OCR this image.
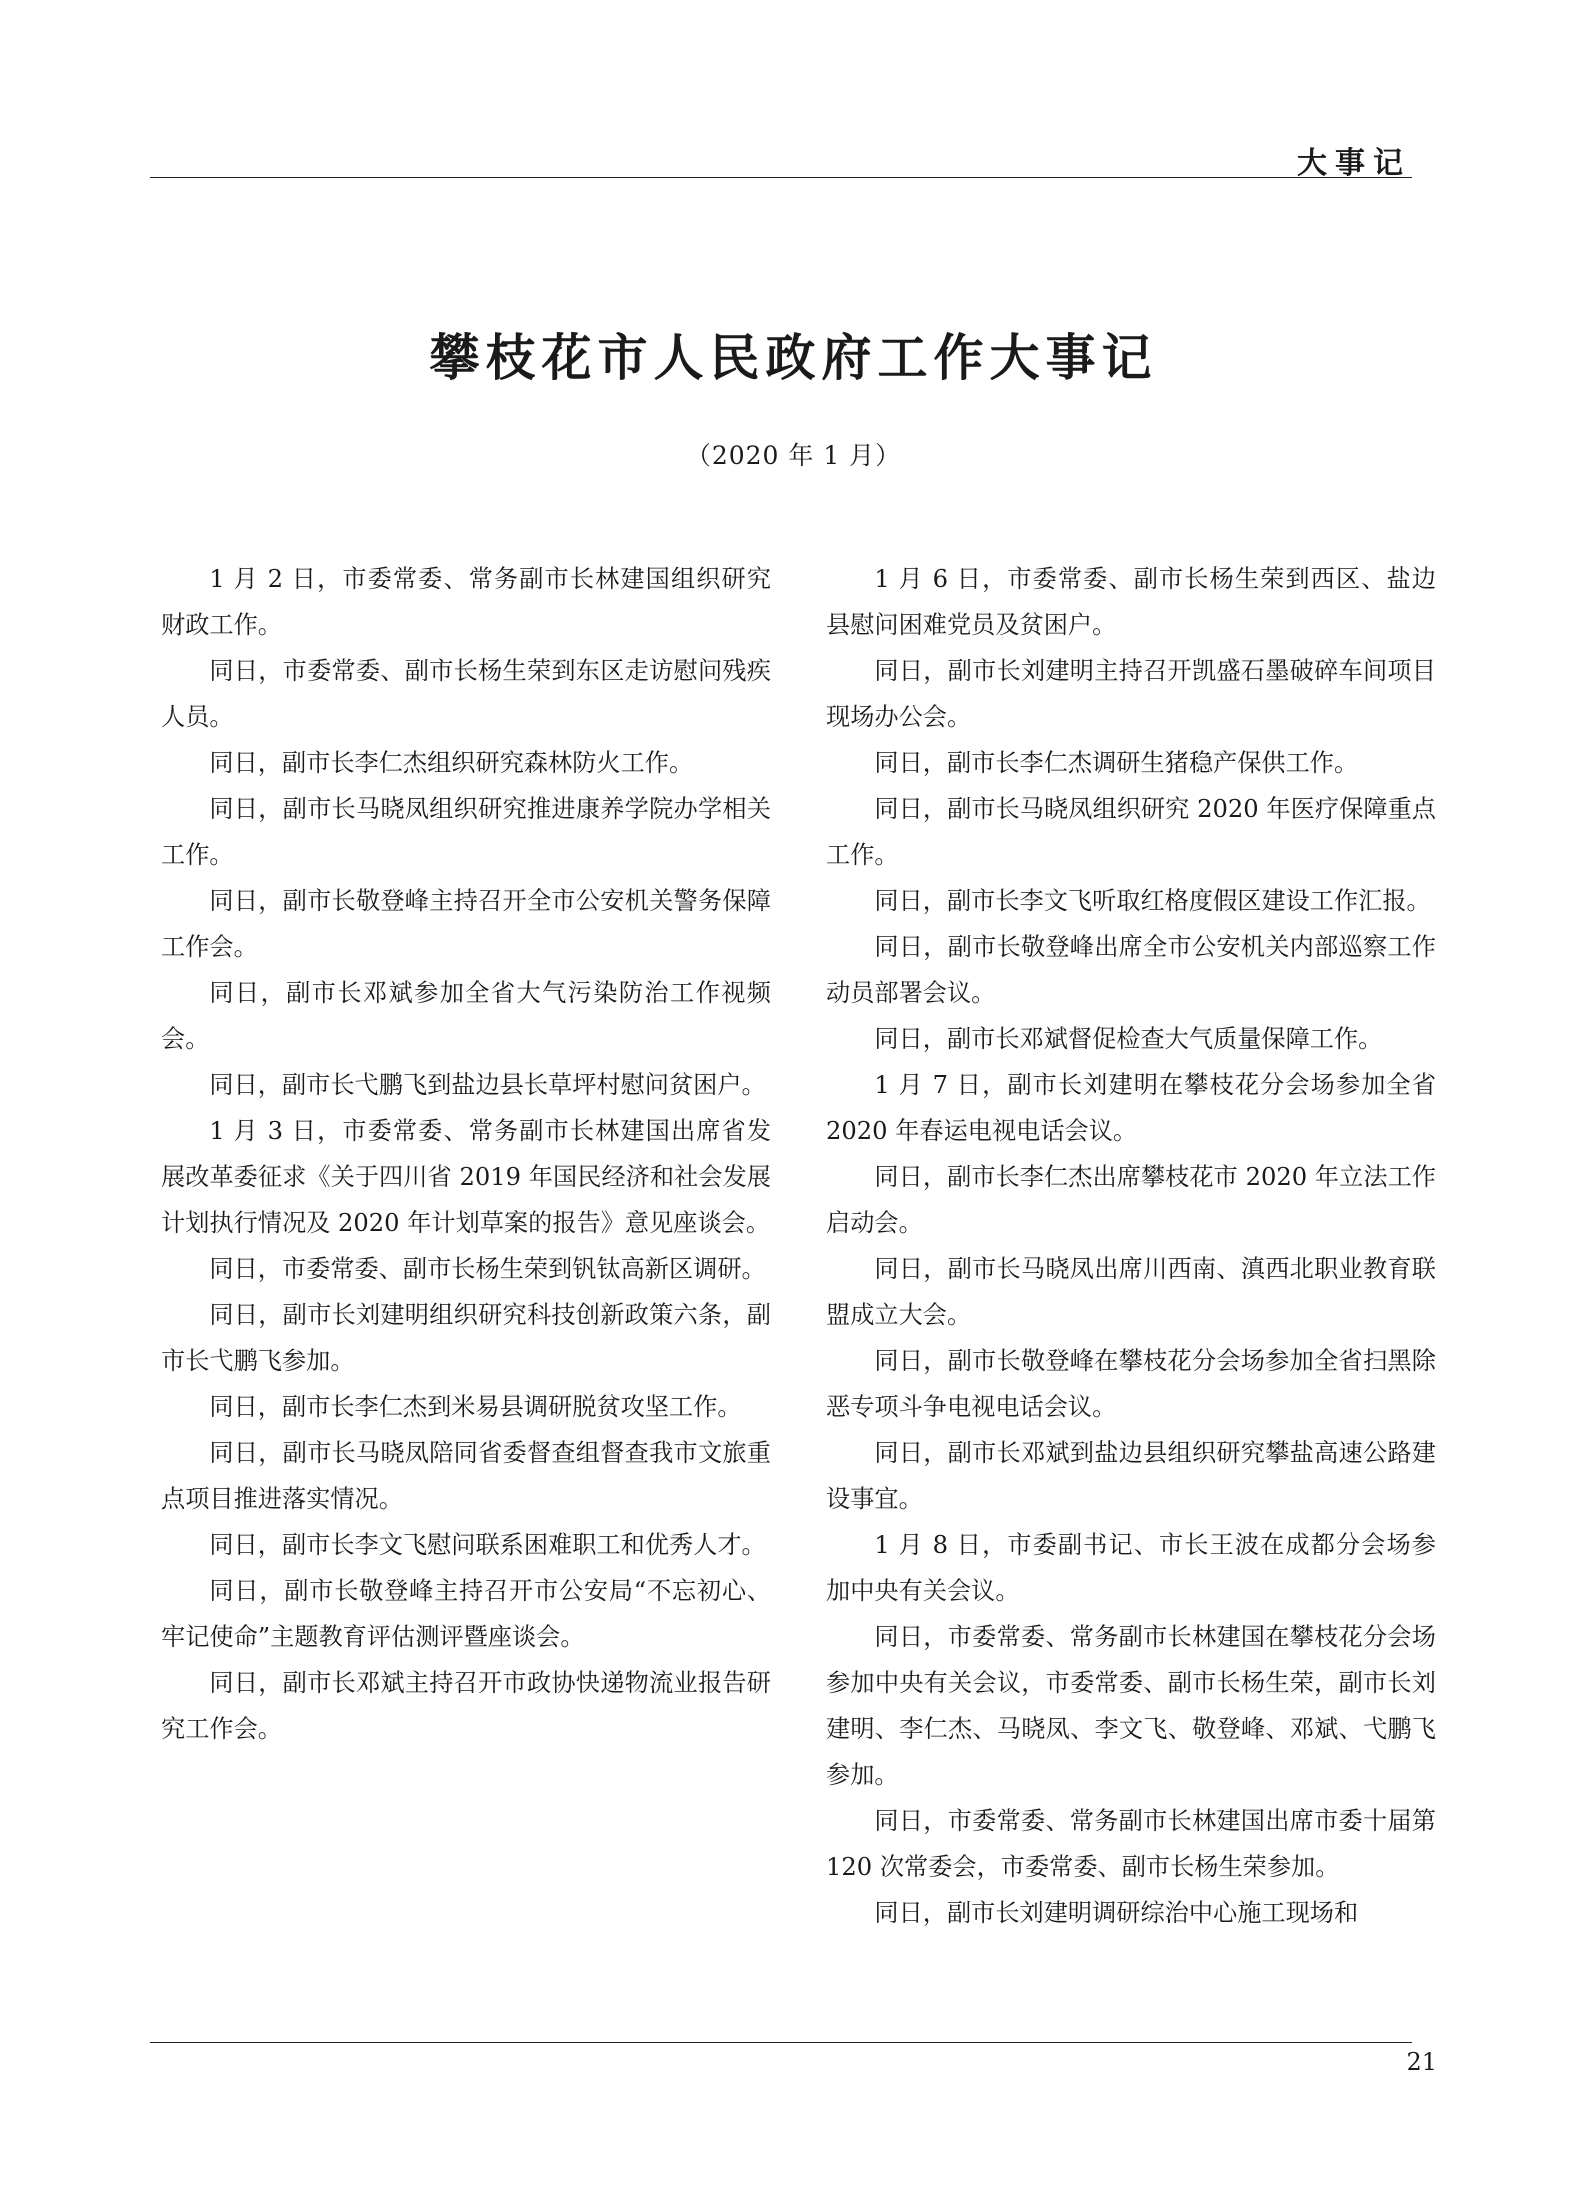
大事记
攀枝花市人民政府工作大事记
（2020 年 1 月）

1 月 2 日，市委常委、常务副市长林建国组织研究财政工作。

同日，市委常委、副市长杨生荣到东区走访慰问残疾人员。

同日，副市长李仁杰组织研究森林防火工作。

同日，副市长马晓凤组织研究推进康养学院办学相关工作。

同日，副市长敬登峰主持召开全市公安机关警务保障工作会。

同日，副市长邓斌参加全省大气污染防治工作视频会。

同日，副市长弋鹏飞到盐边县长草坪村慰问贫困户。

1 月 3 日，市委常委、常务副市长林建国出席省发展改革委征求《关于四川省 2019 年国民经济和社会发展计划执行情况及 2020 年计划草案的报告》意见座谈会。

同日，市委常委、副市长杨生荣到钒钛高新区调研。

同日，副市长刘建明组织研究科技创新政策六条，副市长弋鹏飞参加。

同日，副市长李仁杰到米易县调研脱贫攻坚工作。

同日，副市长马晓凤陪同省委督查组督查我市文旅重点项目推进落实情况。

同日，副市长李文飞慰问联系困难职工和优秀人才。

同日，副市长敬登峰主持召开市公安局“不忘初心、牢记使命”主题教育评估测评暨座谈会。

同日，副市长邓斌主持召开市政协快递物流业报告研究工作会。

1 月 6 日，市委常委、副市长杨生荣到西区、盐边县慰问困难党员及贫困户。

同日，副市长刘建明主持召开凯盛石墨破碎车间项目现场办公会。

同日，副市长李仁杰调研生猪稳产保供工作。

同日，副市长马晓凤组织研究 2020 年医疗保障重点工作。

同日，副市长李文飞听取红格度假区建设工作汇报。

同日，副市长敬登峰出席全市公安机关内部巡察工作动员部署会议。

同日，副市长邓斌督促检查大气质量保障工作。

1 月 7 日，副市长刘建明在攀枝花分会场参加全省 2020 年春运电视电话会议。

同日，副市长李仁杰出席攀枝花市 2020 年立法工作启动会。

同日，副市长马晓凤出席川西南、滇西北职业教育联盟成立大会。

同日，副市长敬登峰在攀枝花分会场参加全省扫黑除恶专项斗争电视电话会议。

同日，副市长邓斌到盐边县组织研究攀盐高速公路建设事宜。

1 月 8 日，市委副书记、市长王波在成都分会场参加中央有关会议。

同日，市委常委、常务副市长林建国在攀枝花分会场参加中央有关会议，市委常委、副市长杨生荣，副市长刘建明、李仁杰、马晓凤、李文飞、敬登峰、邓斌、弋鹏飞参加。

同日，市委常委、常务副市长林建国出席市委十届第 120 次常委会，市委常委、副市长杨生荣参加。

同日，副市长刘建明调研综治中心施工现场和

21
